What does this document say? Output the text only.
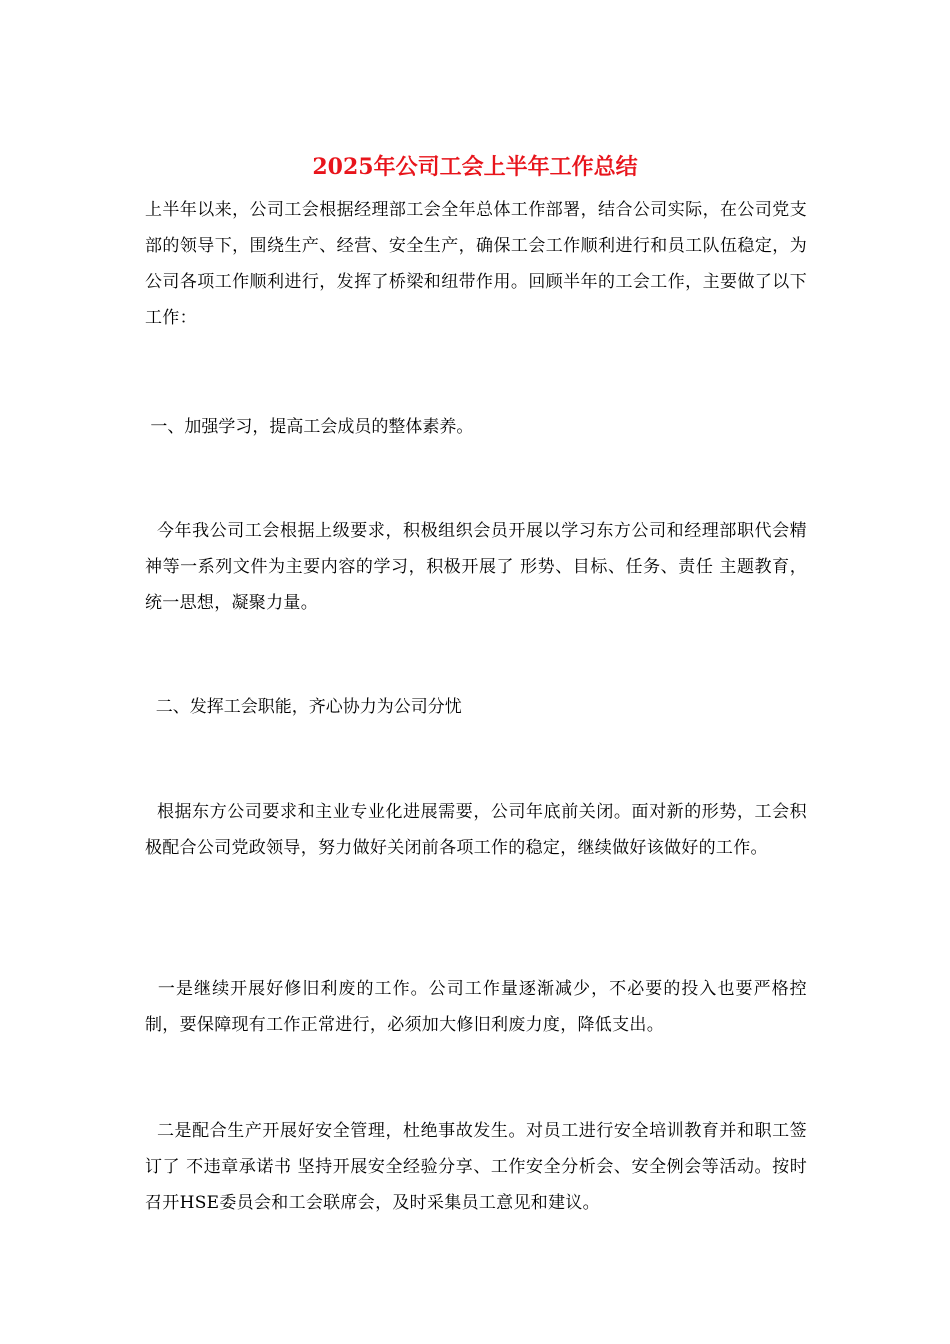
2025年公司工会上半年工作总结

上半年以来，公司工会根据经理部工会全年总体工作部署，结合公司实际，在公司党支部的领导下，围绕生产、经营、安全生产，确保工会工作顺利进行和员工队伍稳定，为公司各项工作顺利进行，发挥了桥梁和纽带作用。回顾半年的工会工作，主要做了以下工作：

一、加强学习，提高工会成员的整体素养。

今年我公司工会根据上级要求，积极组织会员开展以学习东方公司和经理部职代会精神等一系列文件为主要内容的学习，积极开展了 形势、目标、任务、责任 主题教育，统一思想，凝聚力量。

二、发挥工会职能，齐心协力为公司分忧

根据东方公司要求和主业专业化进展需要，公司年底前关闭。面对新的形势，工会积极配合公司党政领导，努力做好关闭前各项工作的稳定，继续做好该做好的工作。

一是继续开展好修旧利废的工作。公司工作量逐渐减少，不必要的投入也要严格控制，要保障现有工作正常进行，必须加大修旧利废力度，降低支出。

二是配合生产开展好安全管理，杜绝事故发生。对员工进行安全培训教育并和职工签订了 不违章承诺书 坚持开展安全经验分享、工作安全分析会、安全例会等活动。按时召开HSE委员会和工会联席会，及时采集员工意见和建议。
